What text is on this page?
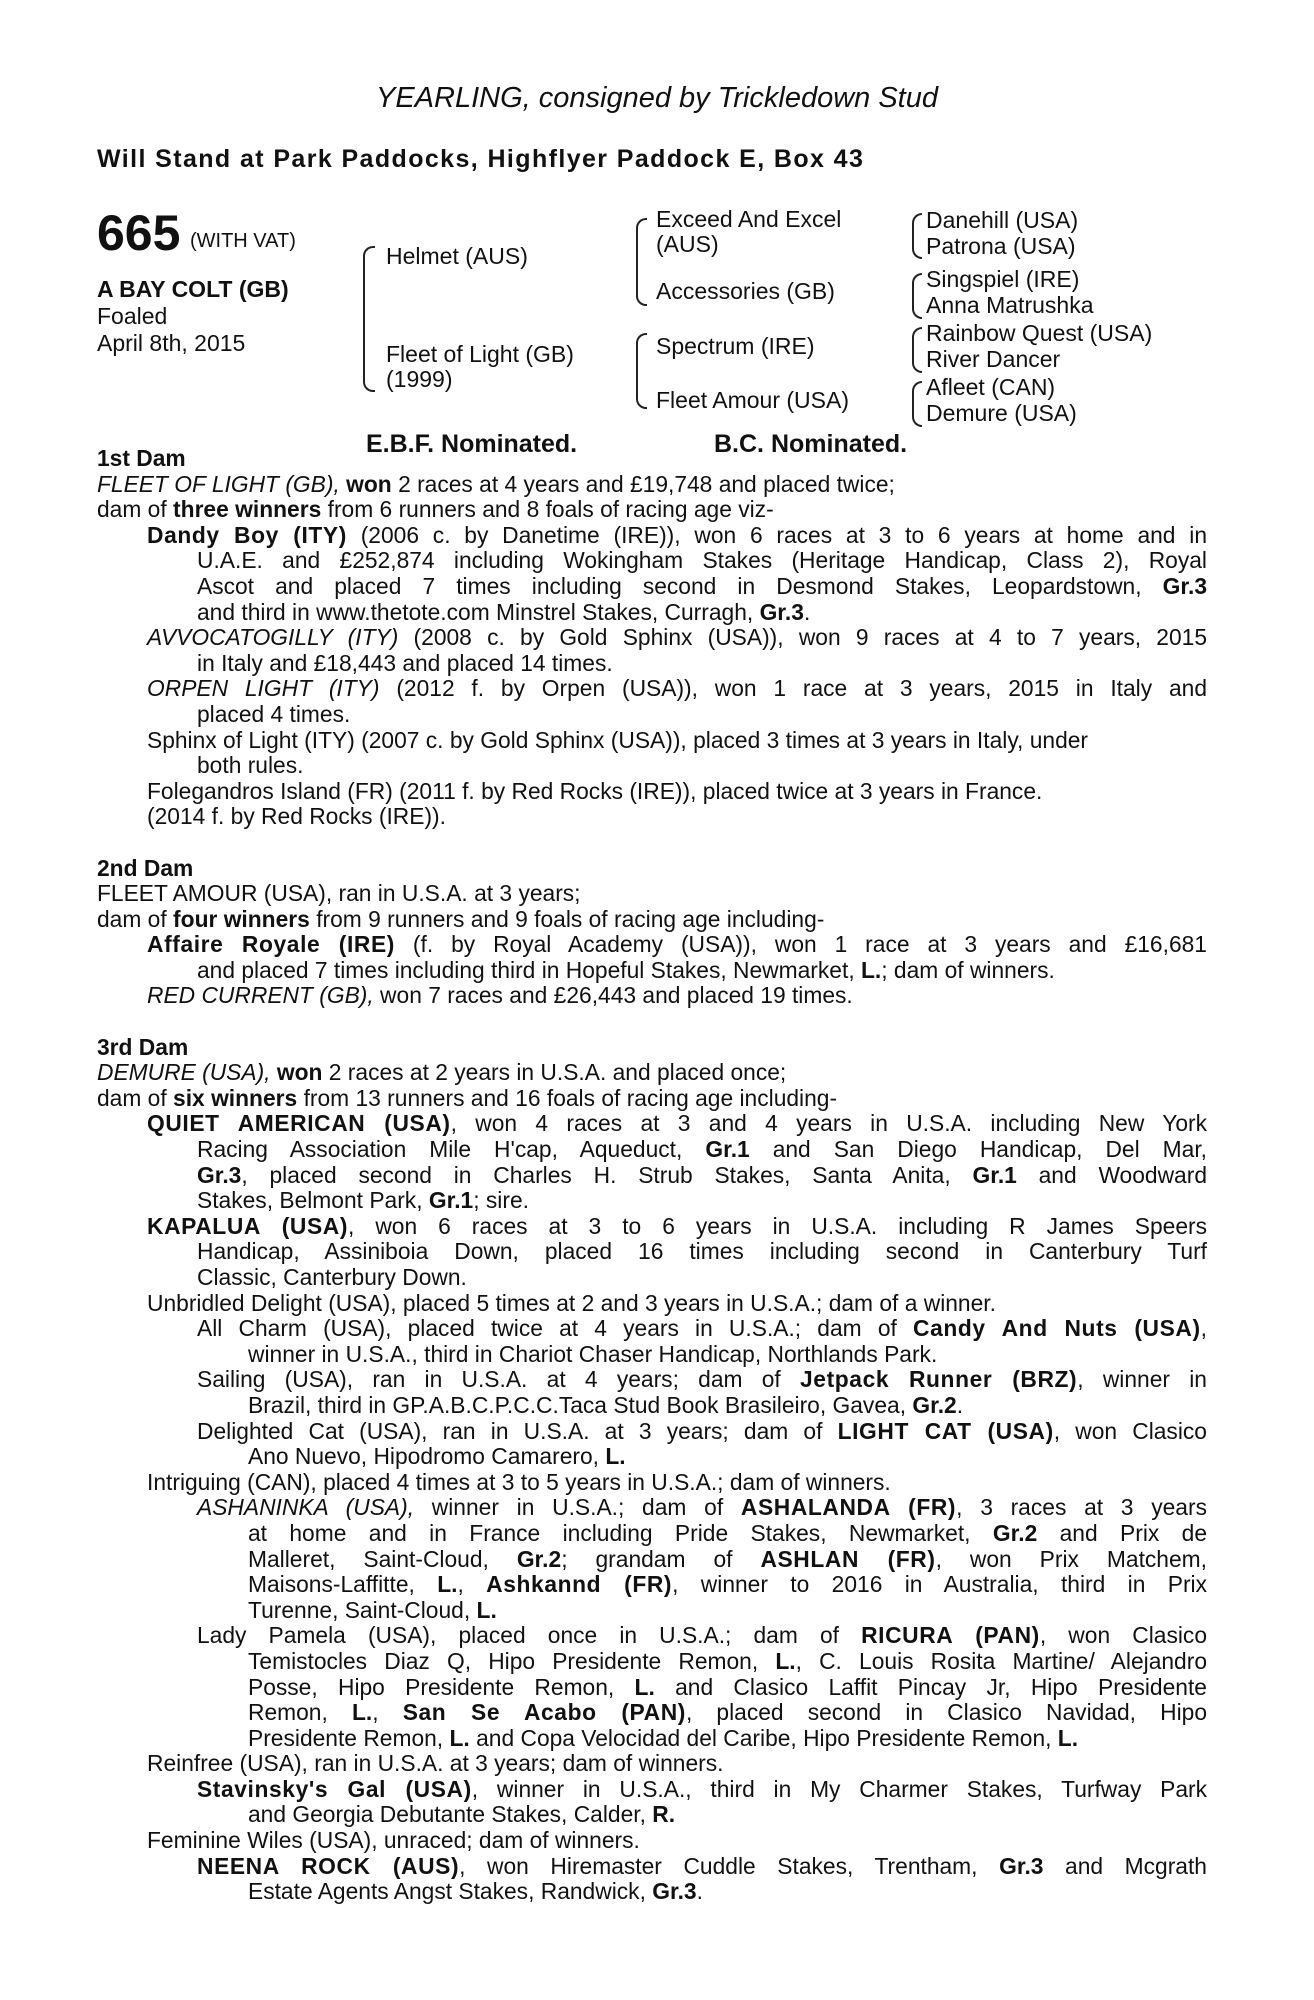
YEARLING, consigned by Trickledown Stud
Will Stand at Park Paddocks, Highflyer Paddock E, Box 43
665 (WITH VAT)
A BAY COLT (GB)
Foaled
April 8th, 2015
Helmet (AUS)
Fleet of Light (GB)
(1999)
Exceed And Excel
(AUS)
Accessories (GB)
Spectrum (IRE)
Fleet Amour (USA)
Danehill (USA)
Patrona (USA)
Singspiel (IRE)
Anna Matrushka
Rainbow Quest (USA)
River Dancer
Afleet (CAN)
Demure (USA)
E.B.F. Nominated.	B.C. Nominated.
1st Dam
FLEET OF LIGHT (GB), won 2 races at 4 years and £19,748 and placed twice;
dam of three winners from 6 runners and 8 foals of racing age viz-
Dandy Boy (ITY) (2006 c. by Danetime (IRE)), won 6 races at 3 to 6 years at home and in
U.A.E. and £252,874 including Wokingham Stakes (Heritage Handicap, Class 2), Royal
Ascot and placed 7 times including second in Desmond Stakes, Leopardstown, Gr.3
and third in www.thetote.com Minstrel Stakes, Curragh, Gr.3.
AVVOCATOGILLY (ITY) (2008 c. by Gold Sphinx (USA)), won 9 races at 4 to 7 years, 2015
in Italy and £18,443 and placed 14 times.
ORPEN LIGHT (ITY) (2012 f. by Orpen (USA)), won 1 race at 3 years, 2015 in Italy and
placed 4 times.
Sphinx of Light (ITY) (2007 c. by Gold Sphinx (USA)), placed 3 times at 3 years in Italy, under
both rules.
Folegandros Island (FR) (2011 f. by Red Rocks (IRE)), placed twice at 3 years in France.
(2014 f. by Red Rocks (IRE)).
2nd Dam
FLEET AMOUR (USA), ran in U.S.A. at 3 years;
dam of four winners from 9 runners and 9 foals of racing age including-
Affaire Royale (IRE) (f. by Royal Academy (USA)), won 1 race at 3 years and £16,681
and placed 7 times including third in Hopeful Stakes, Newmarket, L.; dam of winners.
RED CURRENT (GB), won 7 races and £26,443 and placed 19 times.
3rd Dam
DEMURE (USA), won 2 races at 2 years in U.S.A. and placed once;
dam of six winners from 13 runners and 16 foals of racing age including-
QUIET AMERICAN (USA), won 4 races at 3 and 4 years in U.S.A. including New York
Racing Association Mile H'cap, Aqueduct, Gr.1 and San Diego Handicap, Del Mar,
Gr.3, placed second in Charles H. Strub Stakes, Santa Anita, Gr.1 and Woodward
Stakes, Belmont Park, Gr.1; sire.
KAPALUA (USA), won 6 races at 3 to 6 years in U.S.A. including R James Speers
Handicap, Assiniboia Down, placed 16 times including second in Canterbury Turf
Classic, Canterbury Down.
Unbridled Delight (USA), placed 5 times at 2 and 3 years in U.S.A.; dam of a winner.
All Charm (USA), placed twice at 4 years in U.S.A.; dam of Candy And Nuts (USA),
winner in U.S.A., third in Chariot Chaser Handicap, Northlands Park.
Sailing (USA), ran in U.S.A. at 4 years; dam of Jetpack Runner (BRZ), winner in
Brazil, third in GP.A.B.C.P.C.C.Taca Stud Book Brasileiro, Gavea, Gr.2.
Delighted Cat (USA), ran in U.S.A. at 3 years; dam of LIGHT CAT (USA), won Clasico
Ano Nuevo, Hipodromo Camarero, L.
Intriguing (CAN), placed 4 times at 3 to 5 years in U.S.A.; dam of winners.
ASHANINKA (USA), winner in U.S.A.; dam of ASHALANDA (FR), 3 races at 3 years
at home and in France including Pride Stakes, Newmarket, Gr.2 and Prix de
Malleret, Saint-Cloud, Gr.2; grandam of ASHLAN (FR), won Prix Matchem,
Maisons-Laffitte, L., Ashkannd (FR), winner to 2016 in Australia, third in Prix
Turenne, Saint-Cloud, L.
Lady Pamela (USA), placed once in U.S.A.; dam of RICURA (PAN), won Clasico
Temistocles Diaz Q, Hipo Presidente Remon, L., C. Louis Rosita Martine/ Alejandro
Posse, Hipo Presidente Remon, L. and Clasico Laffit Pincay Jr, Hipo Presidente
Remon, L., San Se Acabo (PAN), placed second in Clasico Navidad, Hipo
Presidente Remon, L. and Copa Velocidad del Caribe, Hipo Presidente Remon, L.
Reinfree (USA), ran in U.S.A. at 3 years; dam of winners.
Stavinsky's Gal (USA), winner in U.S.A., third in My Charmer Stakes, Turfway Park
and Georgia Debutante Stakes, Calder, R.
Feminine Wiles (USA), unraced; dam of winners.
NEENA ROCK (AUS), won Hiremaster Cuddle Stakes, Trentham, Gr.3 and Mcgrath
Estate Agents Angst Stakes, Randwick, Gr.3.
